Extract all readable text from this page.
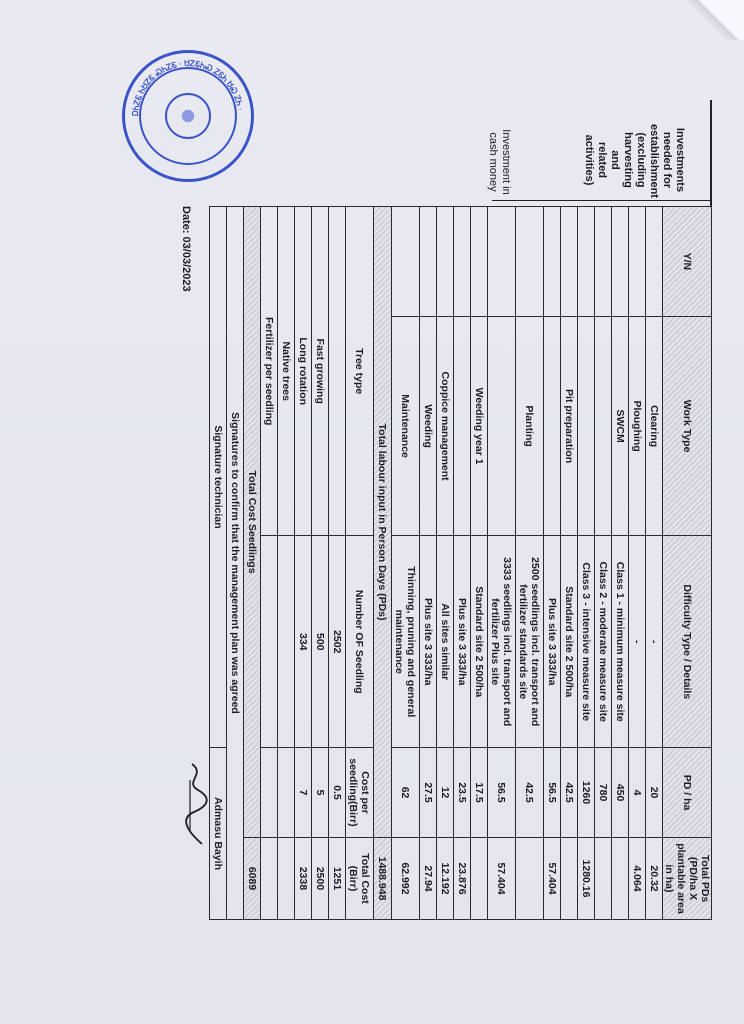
ᎠᏂᏃᏋ ᏂᏌᏃᏋ ᏍᏂᏃᏋ · ᏌᏃᏋᏂᏍ ᏃᏋᏂ ᏌᏍ ᏃᏂ ·
Investments
needed for
establishment
(excluding
harvesting and
related
activities)
Investment in
cash money
Y/N	Work Type	Difficulty Type / Details	PD / ha	Total PDs (PD/ha X plantable area in ha)
	Clearing	-	20	20.32
	Ploughing	-	4	4.064
	SWCM	Class 1 - minimum measure site	450	
		Class 2 - moderate measure site	780	
		Class 3 - intensive measure site	1260	1280.16
	Pit preparation	Standard site 2 500/ha	42.5	
		Plus site 3 333/ha	56.5	57.404
	Planting	2500 seedlings incl. transport and fertilizer standards site	42.5	
		3333 seedlings incl. transport and fertilizer Plus site	56.5	57.404
	Weeding year 1	Standard site 2 500/ha	17.5	
		Plus site 3 333/ha	23.5	23.876
	Coppice management	All sites similar	12	12.192
	Weeding	Plus site 3 333/ha	27.5	27.94
	Maintenance	Thinning, pruning and general maintenance	62	62.992
Total labour input in Person Days (PDs)				1488.948
Tree type		Number OF Seedling	Cost per seedling(Birr)	Total Cost (Birr)
		2502	0.5	1251
Fast growing		500	5	2500
Long rotation		334	7	2338
Native trees				
Fertilizer per seedling				
Total Cost Seedlings				6089
Signatures to confirm that the management plan was agreed				
Signature technician			Admasu Bayih	
Date: 03/03/2023
